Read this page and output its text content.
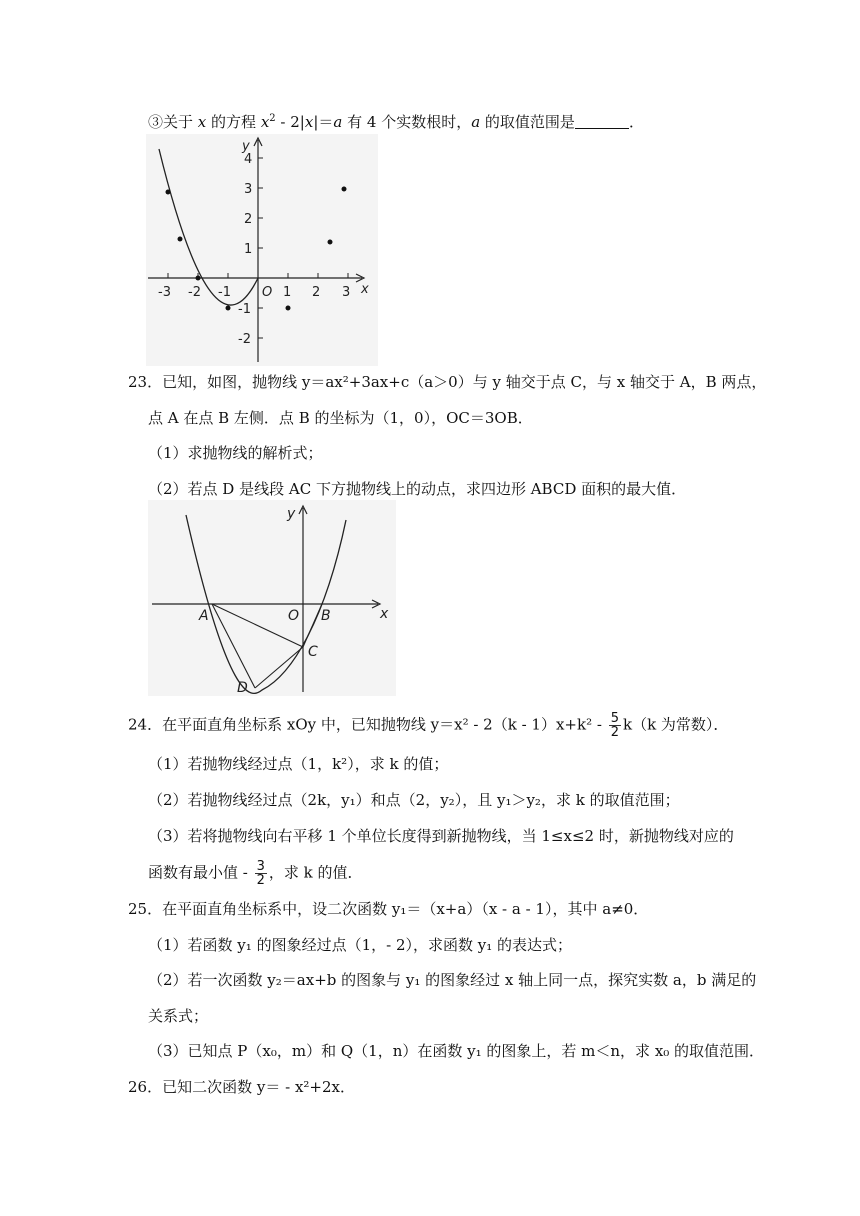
③关于 x 的方程 $x^2 - 2|x|=a$ 有 4 个实数根时，a 的取值范围是	．
-3 -2 -1	1 2 3
4
3
2
1
-1
-2
O	x
y
23．已知，如图，抛物线 y＝ax²+3ax+c（a＞0）与 y 轴交于点 C，与 x 轴交于 A，B 两点，
点 A 在点 B 左侧．点 B 的坐标为（1，0），OC＝3OB．
（1）求抛物线的解析式；
（2）若点 D 是线段 AC 下方抛物线上的动点，求四边形 ABCD 面积的最大值．
A	O B
C
D
x
y
24．在平面直角坐标系 xOy 中，已知抛物线 $y=x^2 - 2(k - 1)x+k^2 - \frac{5}{2} k(k$ 为常数）．
（1）若抛物线经过点（1，k²），求 k 的值；
（2）若抛物线经过点（2k，y₁）和点（2，y₂），且 y₁＞y₂，求 k 的取值范围；
（3）若将抛物线向右平移 1 个单位长度得到新抛物线，当 1≤x≤2 时，新抛物线对应的
函数有最小值 - $\frac{3}{2}$ ，求 k 的值．
25．在平面直角坐标系中，设二次函数 y₁＝（x+a）（x - a - 1），其中 a≠0．
（1）若函数 y₁ 的图象经过点（1，- 2），求函数 y₁ 的表达式；
（2）若一次函数 y₂＝ax+b 的图象与 y₁ 的图象经过 x 轴上同一点，探究实数 a，b 满足的
关系式；
（3）已知点 P（x₀，m）和 Q（1，n）在函数 y₁ 的图象上，若 m＜n，求 x₀ 的取值范围．
26．已知二次函数 y＝ - x²+2x．
